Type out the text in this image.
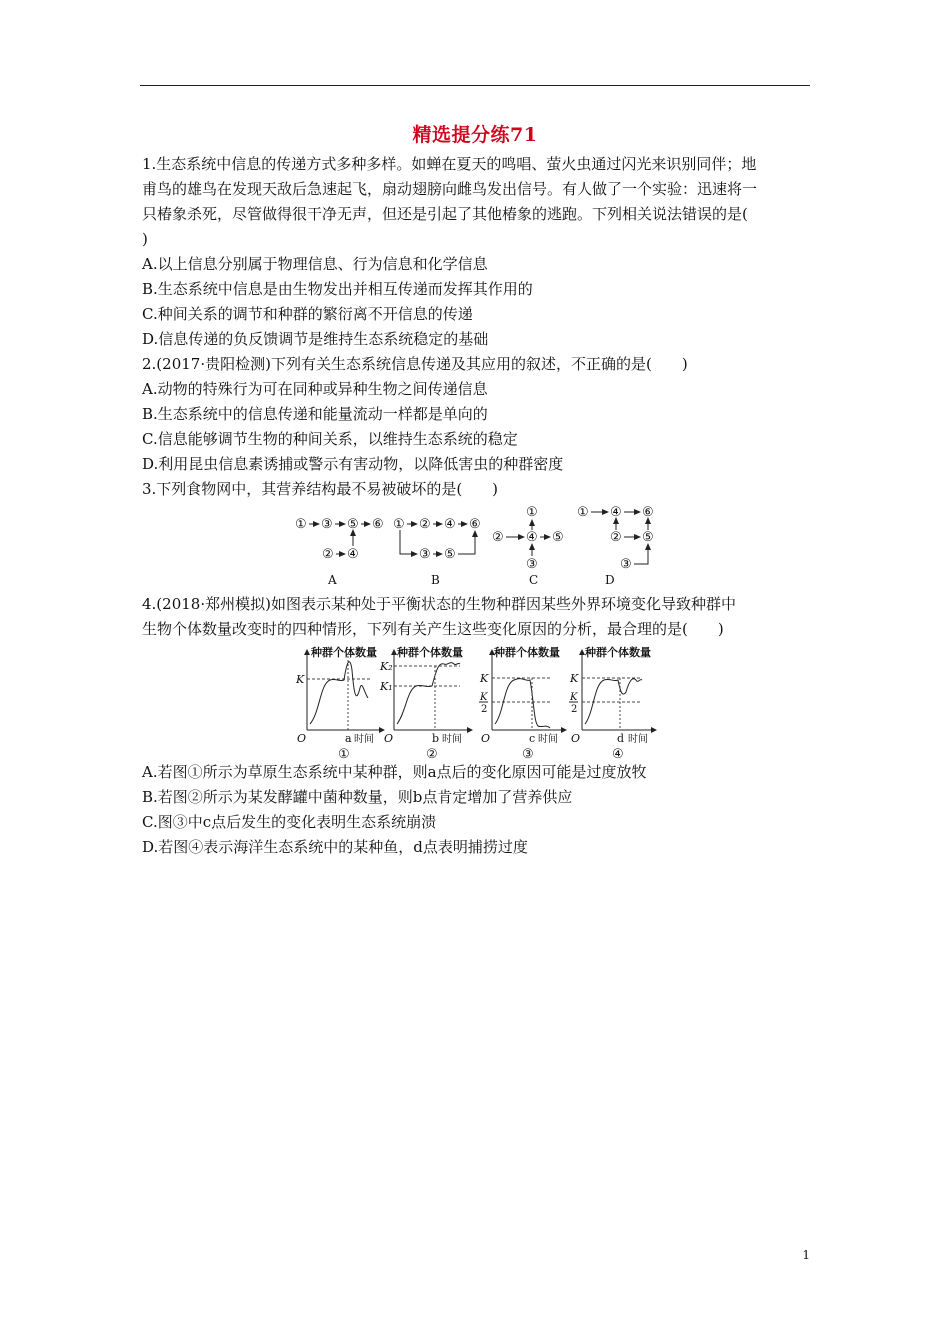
精选提分练71

1.生态系统中信息的传递方式多种多样。如蝉在夏天的鸣唱、萤火虫通过闪光来识别同伴；地

甫鸟的雄鸟在发现天敌后急速起飞，扇动翅膀向雌鸟发出信号。有人做了一个实验：迅速将一

只椿象杀死，尽管做得很干净无声，但还是引起了其他椿象的逃跑。下列相关说法错误的是(

)

A.以上信息分别属于物理信息、行为信息和化学信息

B.生态系统中信息是由生物发出并相互传递而发挥其作用的

C.种间关系的调节和种群的繁衍离不开信息的传递

D.信息传递的负反馈调节是维持生态系统稳定的基础

2.(2017·贵阳检测)下列有关生态系统信息传递及其应用的叙述，不正确的是(　　)

A.动物的特殊行为可在同种或异种生物之间传递信息

B.生态系统中的信息传递和能量流动一样都是单向的

C.信息能够调节生物的种间关系，以维持生态系统的稳定

D.利用昆虫信息素诱捕或警示有害动物，以降低害虫的种群密度

3.下列食物网中，其营养结构最不易被破坏的是(　　)

① ③ ⑤ ⑥
② ④
A
① ② ④ ⑥
③ ⑤
B
①
② ④ ⑤
③
C
① ④ ⑥
② ⑤
③
D

4.(2018·郑州模拟)如图表示某种处于平衡状态的生物种群因某些外界环境变化导致种群中

生物个体数量改变时的四种情形，下列有关产生这些变化原因的分析，最合理的是(　　)

种群个体数量
时间
O
K
a
①
种群个体数量
时间
O
K₂
K₁
b
②
种群个体数量
时间
O
K
K
2
c
③
种群个体数量
时间
O
K
K
2
d
④

A.若图①所示为草原生态系统中某种群，则a点后的变化原因可能是过度放牧

B.若图②所示为某发酵罐中菌种数量，则b点肯定增加了营养供应

C.图③中c点后发生的变化表明生态系统崩溃

D.若图④表示海洋生态系统中的某种鱼，d点表明捕捞过度

1
